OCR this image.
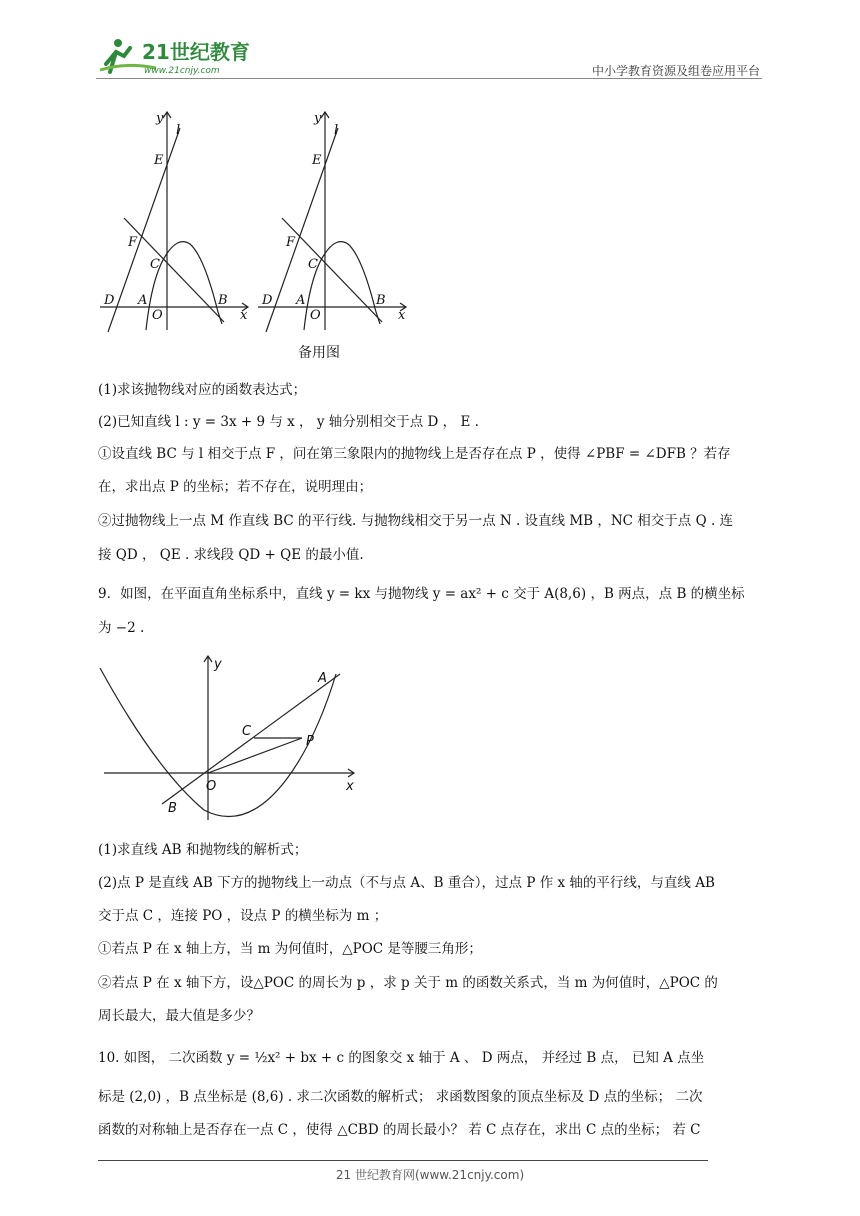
21世纪教育
www.21cnjy.com	中小学教育资源及组卷应用平台
y
l
E
F
C
D A
O
B
x
y
l
E
F
C
D A
O
B
x
备用图
(1)求该抛物线对应的函数表达式；
(2)已知直线 l : y = 3x + 9 与 x ， y 轴分别相交于点 D ， E .
①设直线 BC 与 l 相交于点 F ，问在第三象限内的抛物线上是否存在点 P ，使得 ∠PBF = ∠DFB ？若存
在，求出点 P 的坐标；若不存在，说明理由；
②过抛物线上一点 M 作直线 BC 的平行线. 与抛物线相交于另一点 N . 设直线 MB ，NC 相交于点 Q . 连
接 QD ， QE . 求线段 QD + QE 的最小值.
9．如图，在平面直角坐标系中，直线 y = kx 与抛物线 y = ax² + c 交于 A(8,6) ，B 两点，点 B 的横坐标
为 −2 .
y
A
C
P
O	x
B
(1)求直线 AB 和抛物线的解析式；
(2)点 P 是直线 AB 下方的抛物线上一动点（不与点 A、B 重合），过点 P 作 x 轴的平行线，与直线 AB
交于点 C ，连接 PO ，设点 P 的横坐标为 m ；
①若点 P 在 x 轴上方，当 m 为何值时，△POC 是等腰三角形；
②若点 P 在 x 轴下方，设△POC 的周长为 p ，求 p 关于 m 的函数关系式，当 m 为何值时，△POC 的
周长最大，最大值是多少？
10. 如图， 二次函数 y = ½x² + bx + c 的图象交 x 轴于 A 、 D 两点， 并经过 B 点， 已知 A 点坐
标是 (2,0) ，B 点坐标是 (8,6) . 求二次函数的解析式； 求函数图象的顶点坐标及 D 点的坐标； 二次
函数的对称轴上是否存在一点 C ，使得 △CBD 的周长最小？ 若 C 点存在，求出 C 点的坐标； 若 C
21 世纪教育网(www.21cnjy.com)
